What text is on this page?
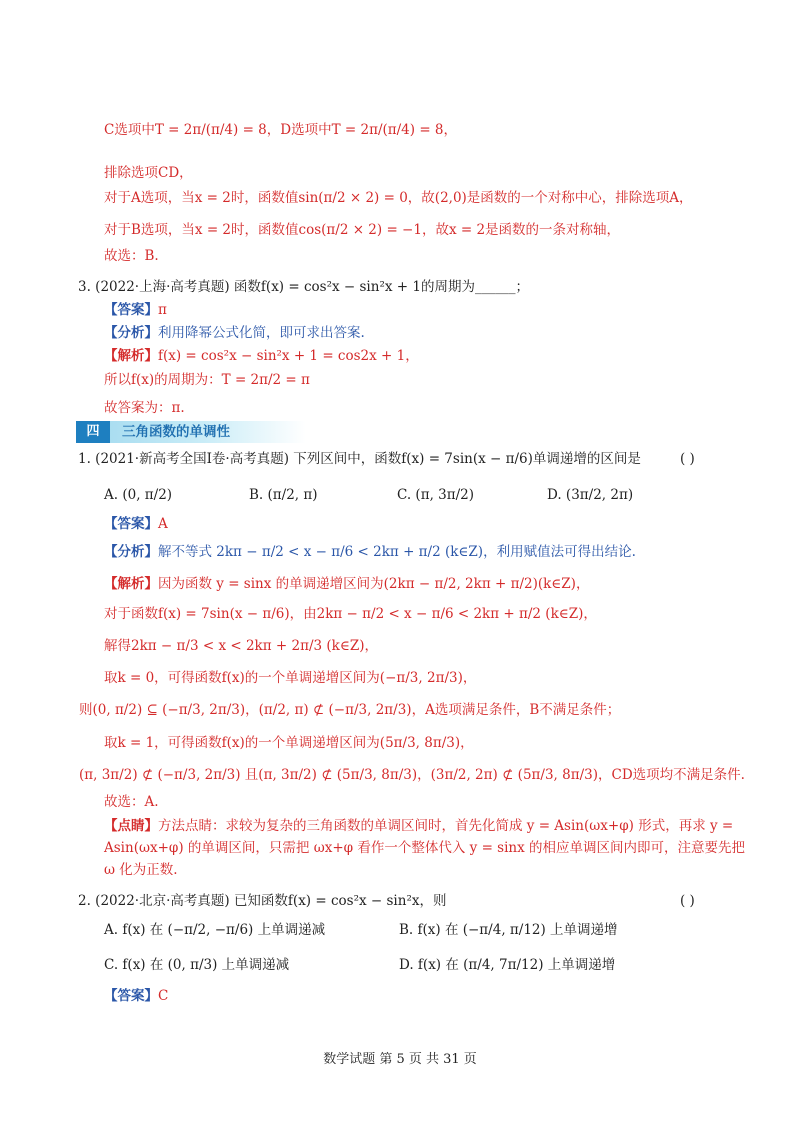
C选项中T = 2π/(π/4) = 8，D选项中T = 2π/(π/4) = 8，
排除选项CD，
对于A选项，当x = 2时，函数值sin(π/2 × 2) = 0，故(2,0)是函数的一个对称中心，排除选项A，
对于B选项，当x = 2时，函数值cos(π/2 × 2) = −1，故x = 2是函数的一条对称轴，
故选：B.
3. (2022·上海·高考真题) 函数f(x) = cos²x − sin²x + 1的周期为______；
【答案】π
【分析】利用降幂公式化简，即可求出答案.
【解析】f(x) = cos²x − sin²x + 1 = cos2x + 1，
所以f(x)的周期为：T = 2π/2 = π
故答案为：π.
四	三角函数的单调性
1. (2021·新高考全国Ⅰ卷·高考真题) 下列区间中，函数f(x) = 7sin(x − π/6)单调递增的区间是	( )
A. (0, π/2)	B. (π/2, π)	C. (π, 3π/2)	D. (3π/2, 2π)
【答案】A
【分析】解不等式 2kπ − π/2 < x − π/6 < 2kπ + π/2 (k∈Z)，利用赋值法可得出结论.
【解析】因为函数 y = sinx 的单调递增区间为(2kπ − π/2, 2kπ + π/2)(k∈Z)，
对于函数f(x) = 7sin(x − π/6)，由2kπ − π/2 < x − π/6 < 2kπ + π/2 (k∈Z)，
解得2kπ − π/3 < x < 2kπ + 2π/3 (k∈Z)，
取k = 0，可得函数f(x)的一个单调递增区间为(−π/3, 2π/3)，
则(0, π/2) ⊆ (−π/3, 2π/3)，(π/2, π) ⊄ (−π/3, 2π/3)，A选项满足条件，B不满足条件；
取k = 1，可得函数f(x)的一个单调递增区间为(5π/3, 8π/3)，
(π, 3π/2) ⊄ (−π/3, 2π/3) 且(π, 3π/2) ⊄ (5π/3, 8π/3)，(3π/2, 2π) ⊄ (5π/3, 8π/3)，CD选项均不满足条件.
故选：A.
【点睛】方法点睛：求较为复杂的三角函数的单调区间时，首先化简成 y = Asin(ωx+φ) 形式，再求 y =
Asin(ωx+φ) 的单调区间，只需把 ωx+φ 看作一个整体代入 y = sinx 的相应单调区间内即可，注意要先把
ω 化为正数.
2. (2022·北京·高考真题) 已知函数f(x) = cos²x − sin²x，则	( )
A. f(x) 在 (−π/2, −π/6) 上单调递减	B. f(x) 在 (−π/4, π/12) 上单调递增
C. f(x) 在 (0, π/3) 上单调递减	D. f(x) 在 (π/4, 7π/12) 上单调递增
【答案】C
数学试题 第 5 页 共 31 页
